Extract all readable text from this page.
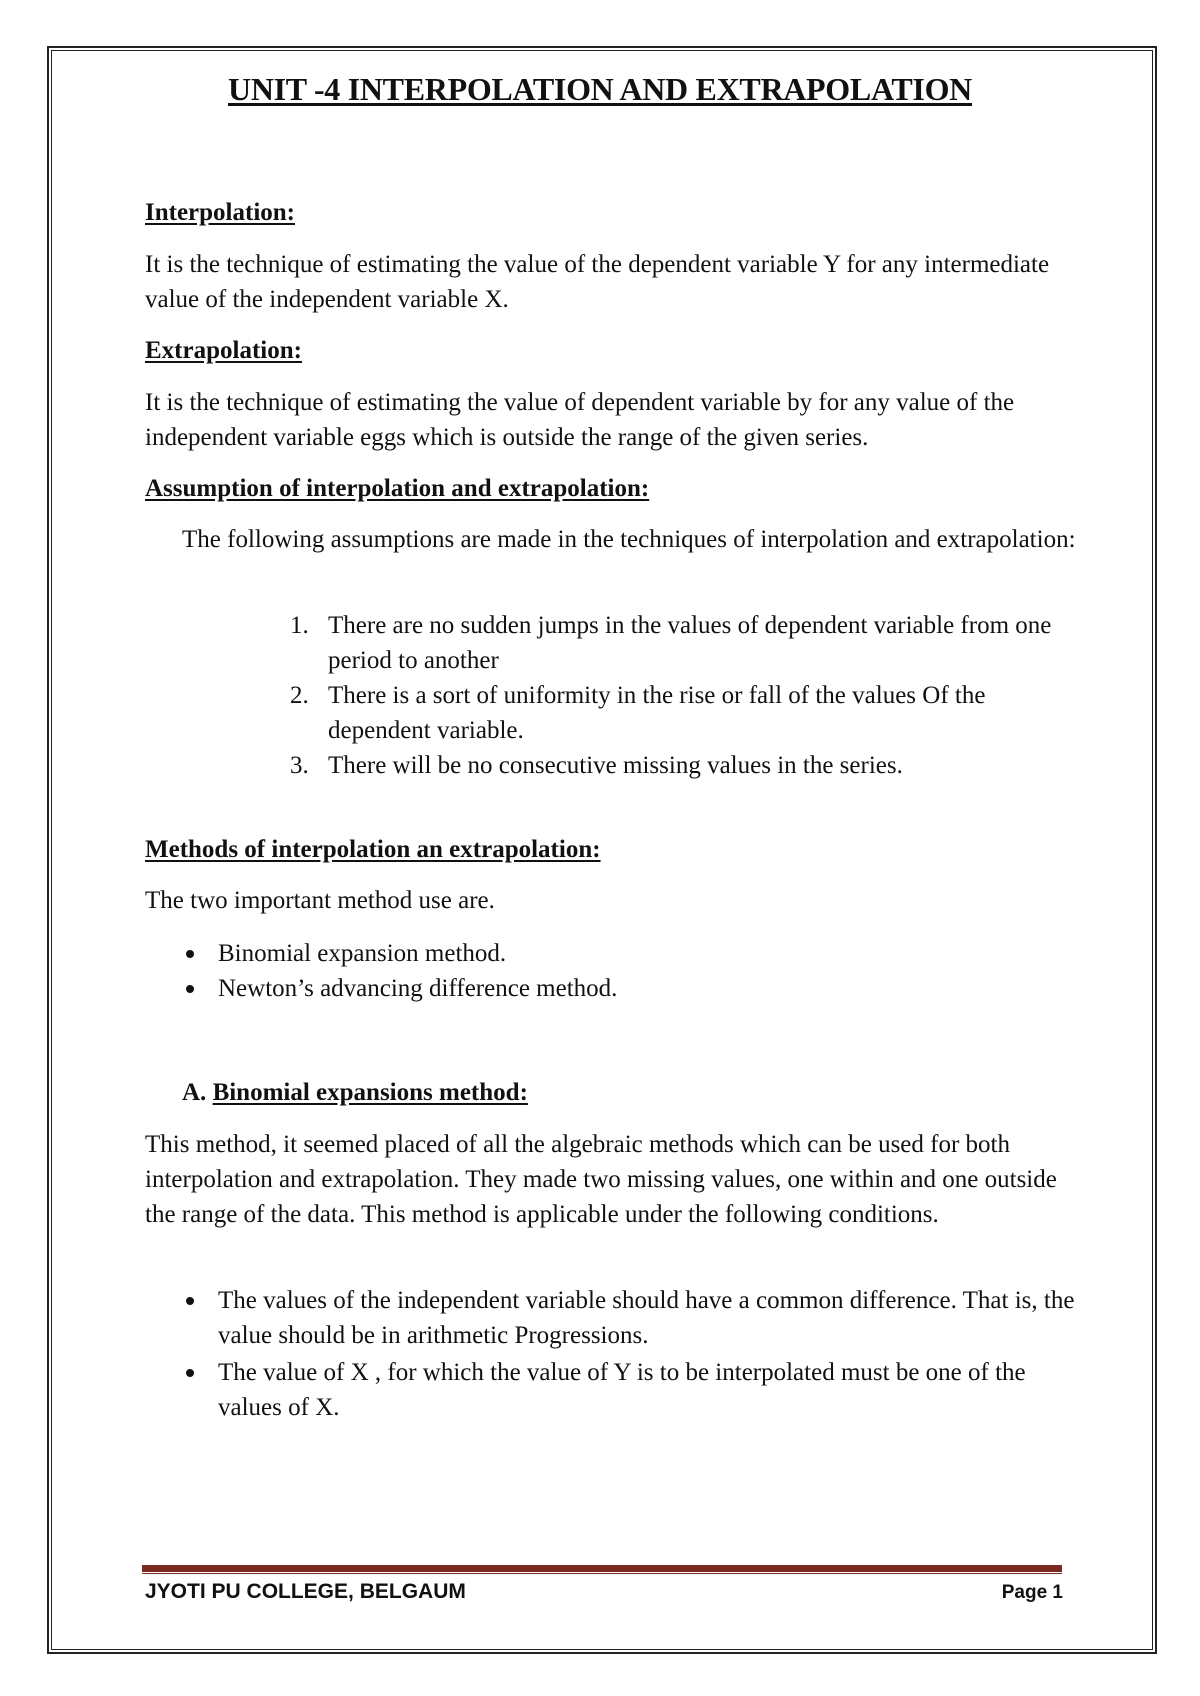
UNIT -4 INTERPOLATION AND EXTRAPOLATION
Interpolation:
It is the technique of estimating the value of the dependent variable Y for any intermediate value of the independent variable X.
Extrapolation:
It is the technique of estimating the value of dependent variable by for any value of the independent variable eggs which is outside the range of the given series.
Assumption of interpolation and extrapolation:
The following assumptions are made in the techniques of interpolation and extrapolation:
1. There are no sudden jumps in the values of dependent variable from one period to another
2. There is a sort of uniformity in the rise or fall of the values Of the dependent variable.
3. There will be no consecutive missing values in the series.
Methods of interpolation an extrapolation:
The two important method use are.
Binomial expansion method.
Newton’s advancing difference method.
A. Binomial expansions method:
This method, it seemed placed of all the algebraic methods which can be used for both interpolation and extrapolation. They made two missing values, one within and one outside the range of the data. This method is applicable under the following conditions.
The values of the independent variable should have a common difference. That is, the value should be in arithmetic Progressions.
The value of X , for which the value of Y is to be interpolated must be one of the values of X.
JYOTI PU COLLEGE, BELGAUM	Page 1
